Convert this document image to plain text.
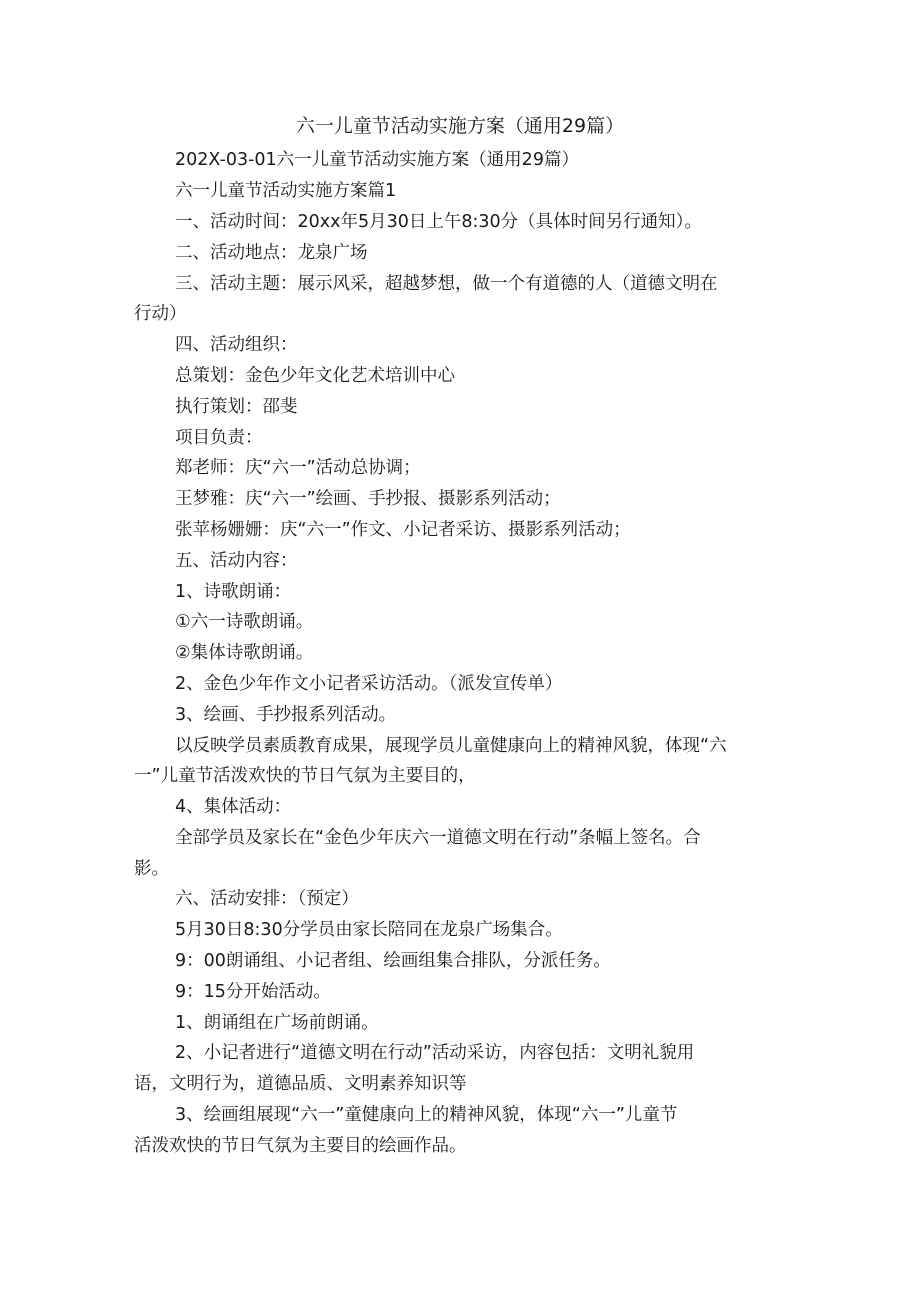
六一儿童节活动实施方案（通用29篇）
202X-03-01六一儿童节活动实施方案（通用29篇）
六一儿童节活动实施方案篇1
一、活动时间：20xx年5月30日上午8:30分（具体时间另行通知）。
二、活动地点：龙泉广场
三、活动主题：展示风采，超越梦想，做一个有道德的人（道德文明在
行动）
四、活动组织：
总策划：金色少年文化艺术培训中心
执行策划：邵斐
项目负责：
郑老师：庆“六一”活动总协调；
王梦雅：庆“六一”绘画、手抄报、摄影系列活动；
张苹杨姗姗：庆“六一”作文、小记者采访、摄影系列活动；
五、活动内容：
1、诗歌朗诵：
①六一诗歌朗诵。
②集体诗歌朗诵。
2、金色少年作文小记者采访活动。（派发宣传单）
3、绘画、手抄报系列活动。
以反映学员素质教育成果，展现学员儿童健康向上的精神风貌，体现“六
一”儿童节活泼欢快的节日气氛为主要目的，
4、集体活动：
全部学员及家长在“金色少年庆六一道德文明在行动”条幅上签名。合
影。
六、活动安排：（预定）
5月30日8:30分学员由家长陪同在龙泉广场集合。
9：00朗诵组、小记者组、绘画组集合排队，分派任务。
9：15分开始活动。
1、朗诵组在广场前朗诵。
2、小记者进行“道德文明在行动”活动采访，内容包括：文明礼貌用
语，文明行为，道德品质、文明素养知识等
3、绘画组展现“六一”童健康向上的精神风貌，体现“六一”儿童节
活泼欢快的节日气氛为主要目的绘画作品。
